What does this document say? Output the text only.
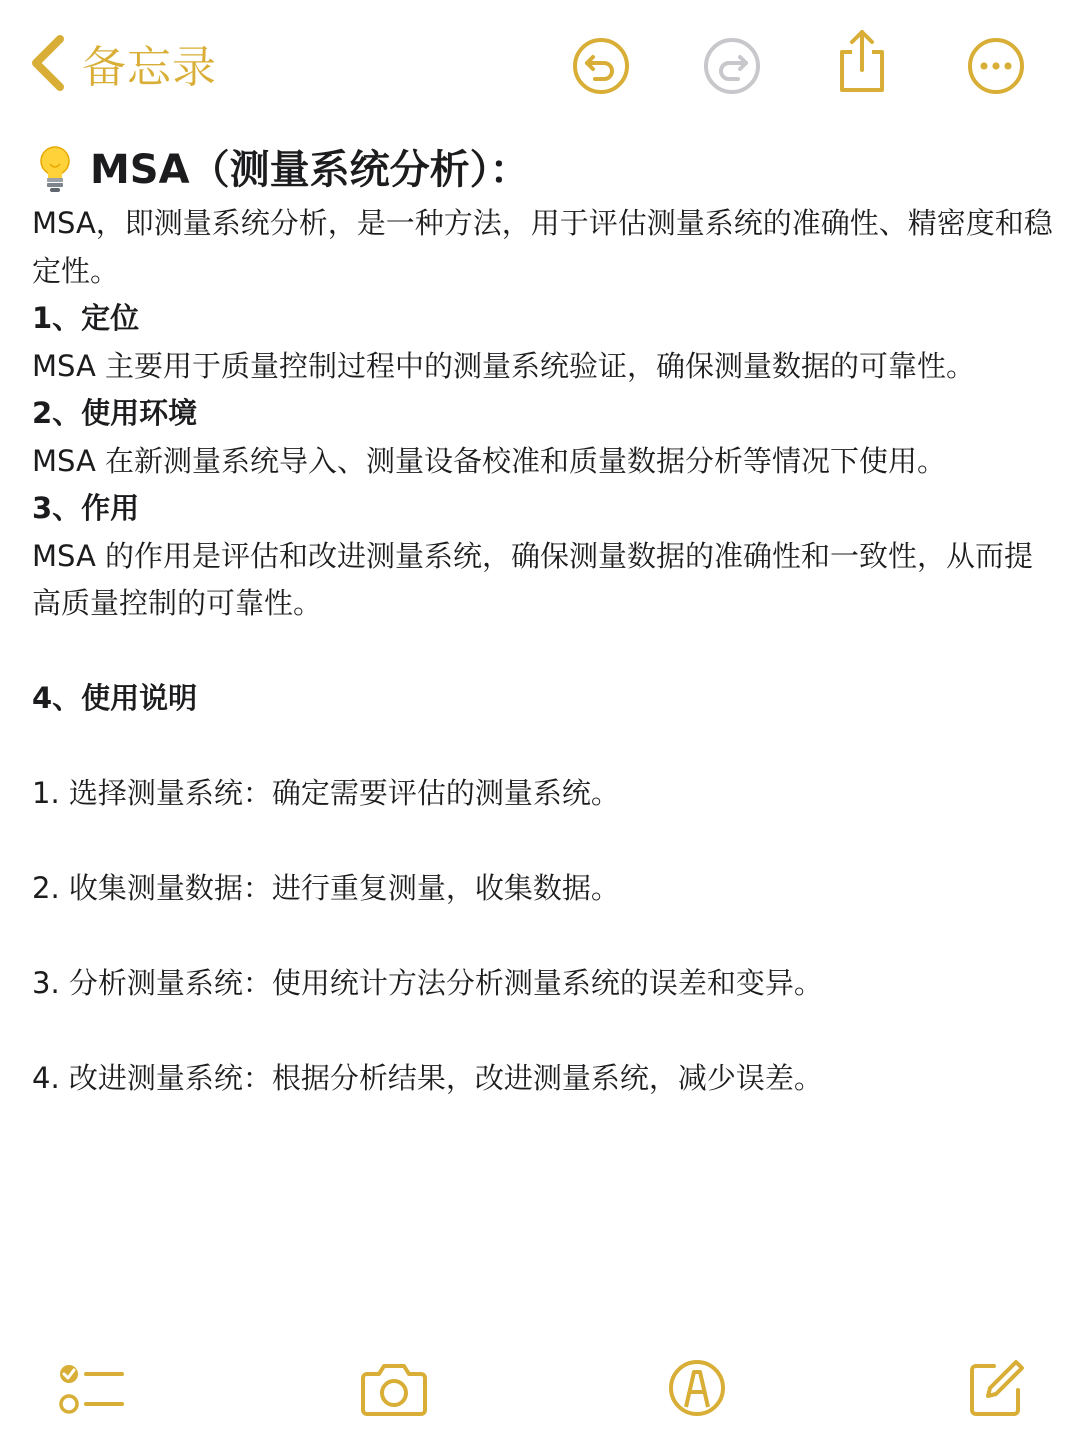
备忘录
MSA（测量系统分析）：

MSA，即测量系统分析，是一种方法，用于评估测量系统的准确性、精密度和稳定性。

1、定位

MSA 主要用于质量控制过程中的测量系统验证，确保测量数据的可靠性。

2、使用环境

MSA 在新测量系统导入、测量设备校准和质量数据分析等情况下使用。

3、作用

MSA 的作用是评估和改进测量系统，确保测量数据的准确性和一致性，从而提高质量控制的可靠性。

4、使用说明

1. 选择测量系统：确定需要评估的测量系统。

2. 收集测量数据：进行重复测量，收集数据。

3. 分析测量系统：使用统计方法分析测量系统的误差和变异。

4. 改进测量系统：根据分析结果，改进测量系统，减少误差。
